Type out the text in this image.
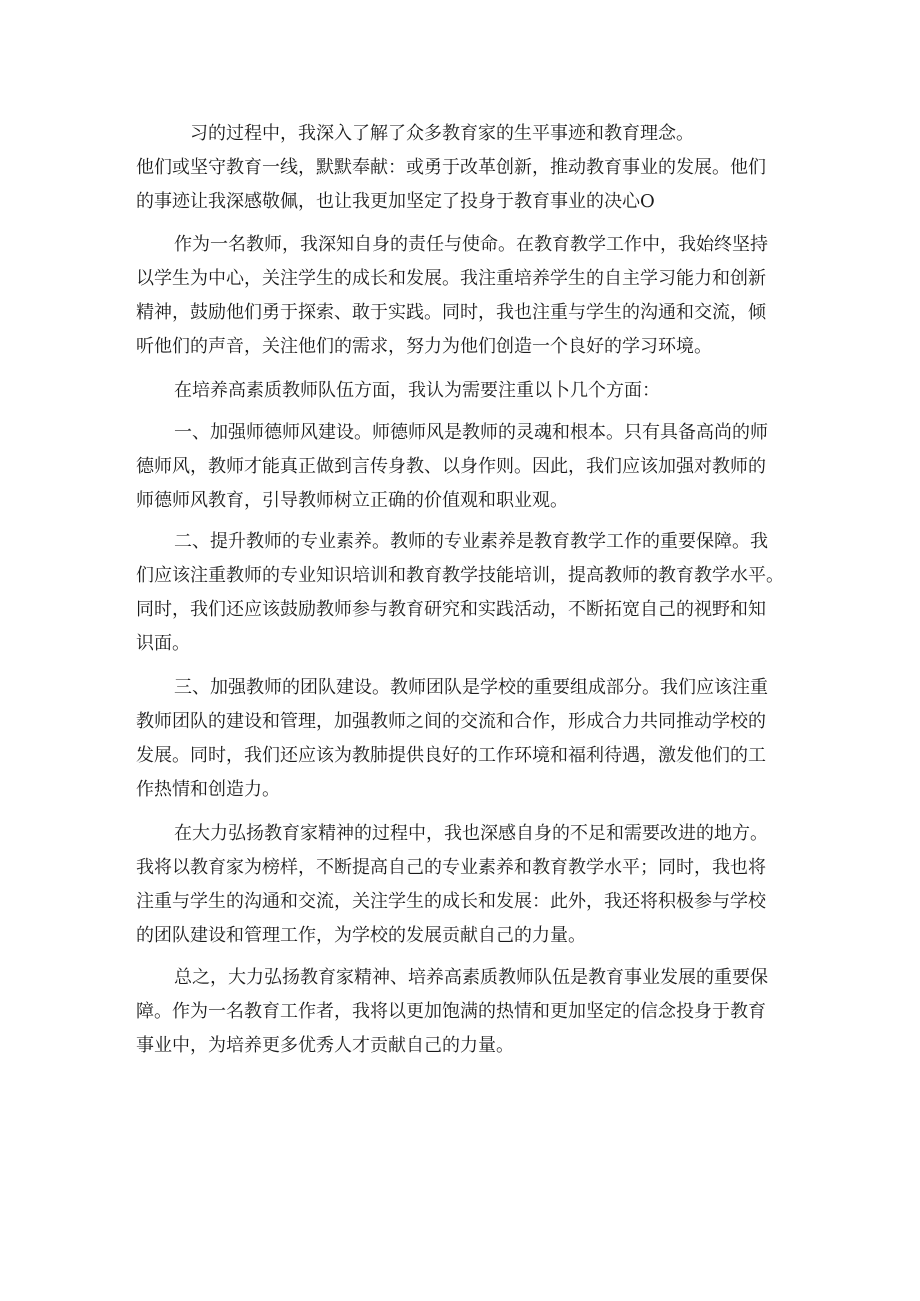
习的过程中，我深入了解了众多教育家的生平事迹和教育理念。
他们或坚守教育一线，默默奉献：或勇于改革创新，推动教育事业的发展。他们
的事迹让我深感敬佩，也让我更加坚定了投身于教育事业的决心O
作为一名教师，我深知自身的责任与使命。在教育教学工作中，我始终坚持
以学生为中心，关注学生的成长和发展。我注重培养学生的自主学习能力和创新
精神，鼓励他们勇于探索、敢于实践。同时，我也注重与学生的沟通和交流，倾
听他们的声音，关注他们的需求，努力为他们创造一个良好的学习环境。
在培养高素质教师队伍方面，我认为需要注重以卜几个方面：
一、加强师德师风建设。师德师风是教师的灵魂和根本。只有具备高尚的师
德师风，教师才能真正做到言传身教、以身作则。因此，我们应该加强对教师的
师德师风教育，引导教师树立正确的价值观和职业观。
二、提升教师的专业素养。教师的专业素养是教育教学工作的重要保障。我
们应该注重教师的专业知识培训和教育教学技能培训，提高教师的教育教学水平。
同时，我们还应该鼓励教师参与教育研究和实践活动，不断拓宽自己的视野和知
识面。
三、加强教师的团队建设。教师团队是学校的重要组成部分。我们应该注重
教师团队的建设和管理，加强教师之间的交流和合作，形成合力共同推动学校的
发展。同时，我们还应该为教肺提供良好的工作环境和福利待遇，激发他们的工
作热情和创造力。
在大力弘扬教育家精神的过程中，我也深感自身的不足和需要改进的地方。
我将以教育家为榜样，不断提高自己的专业素养和教育教学水平；同时，我也将
注重与学生的沟通和交流，关注学生的成长和发展：此外，我还将积极参与学校
的团队建设和管理工作，为学校的发展贡献自己的力量。
总之，大力弘扬教育家精神、培养高素质教师队伍是教育事业发展的重要保
障。作为一名教育工作者，我将以更加饱满的热情和更加坚定的信念投身于教育
事业中，为培养更多优秀人才贡献自己的力量。
